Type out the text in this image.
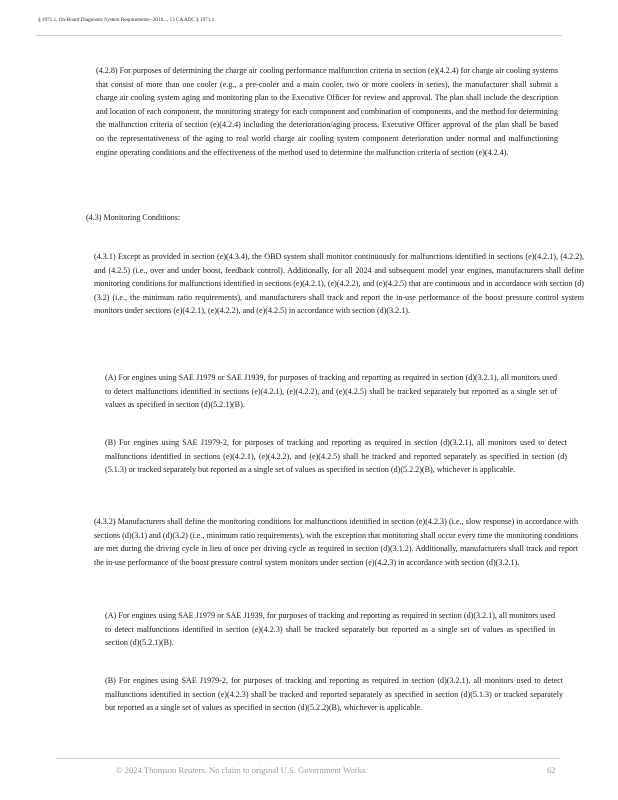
§ 1971.1. On-Board Diagnostic System Requirements--2010..., 13 CA ADC § 1971.1

(4.2.8) For purposes of determining the charge air cooling performance malfunction criteria in section (e)(4.2.4) for charge air cooling systems that consist of more than one cooler (e.g., a pre-cooler and a main cooler, two or more coolers in series), the manufacturer shall submit a charge air cooling system aging and monitoring plan to the Executive Officer for review and approval. The plan shall include the description and location of each component, the monitoring strategy for each component and combination of components, and the method for determining the malfunction criteria of section (e)(4.2.4) including the deterioration/aging process. Executive Officer approval of the plan shall be based on the representativeness of the aging to real world charge air cooling system component deterioration under normal and malfunctioning engine operating conditions and the effectiveness of the method used to determine the malfunction criteria of section (e)(4.2.4).

(4.3) Monitoring Conditions:

(4.3.1) Except as provided in section (e)(4.3.4), the OBD system shall monitor continuously for malfunctions identified in sections (e)(4.2.1), (4.2.2), and (4.2.5) (i.e., over and under boost, feedback control). Additionally, for all 2024 and subsequent model year engines, manufacturers shall define monitoring conditions for malfunctions identified in sections (e)(4.2.1), (e)(4.2.2), and (e)(4.2.5) that are continuous and in accordance with section (d)(3.2) (i.e., the minimum ratio requirements), and manufacturers shall track and report the in-use performance of the boost pressure control system monitors under sections (e)(4.2.1), (e)(4.2.2), and (e)(4.2.5) in accordance with section (d)(3.2.1).

(A) For engines using SAE J1979 or SAE J1939, for purposes of tracking and reporting as required in section (d)(3.2.1), all monitors used to detect malfunctions identified in sections (e)(4.2.1), (e)(4.2.2), and (e)(4.2.5) shall be tracked separately but reported as a single set of values as specified in section (d)(5.2.1)(B).

(B) For engines using SAE J1979-2, for purposes of tracking and reporting as required in section (d)(3.2.1), all monitors used to detect malfunctions identified in sections (e)(4.2.1), (e)(4.2.2), and (e)(4.2.5) shall be tracked and reported separately as specified in section (d)(5.1.3) or tracked separately but reported as a single set of values as specified in section (d)(5.2.2)(B), whichever is applicable.

(4.3.2) Manufacturers shall define the monitoring conditions for malfunctions identified in section (e)(4.2.3) (i.e., slow response) in accordance with sections (d)(3.1) and (d)(3.2) (i.e., minimum ratio requirements), with the exception that monitoring shall occur every time the monitoring conditions are met during the driving cycle in lieu of once per driving cycle as required in section (d)(3.1.2). Additionally, manufacturers shall track and report the in-use performance of the boost pressure control system monitors under section (e)(4.2.3) in accordance with section (d)(3.2.1).

(A) For engines using SAE J1979 or SAE J1939, for purposes of tracking and reporting as required in section (d)(3.2.1), all monitors used to detect malfunctions identified in section (e)(4.2.3) shall be tracked separately but reported as a single set of values as specified in section (d)(5.2.1)(B).

(B) For engines using SAE J1979-2, for purposes of tracking and reporting as required in section (d)(3.2.1), all monitors used to detect malfunctions identified in section (e)(4.2.3) shall be tracked and reported separately as specified in section (d)(5.1.3) or tracked separately but reported as a single set of values as specified in section (d)(5.2.2)(B), whichever is applicable.

© 2024 Thomson Reuters. No claim to original U.S. Government Works.	62
